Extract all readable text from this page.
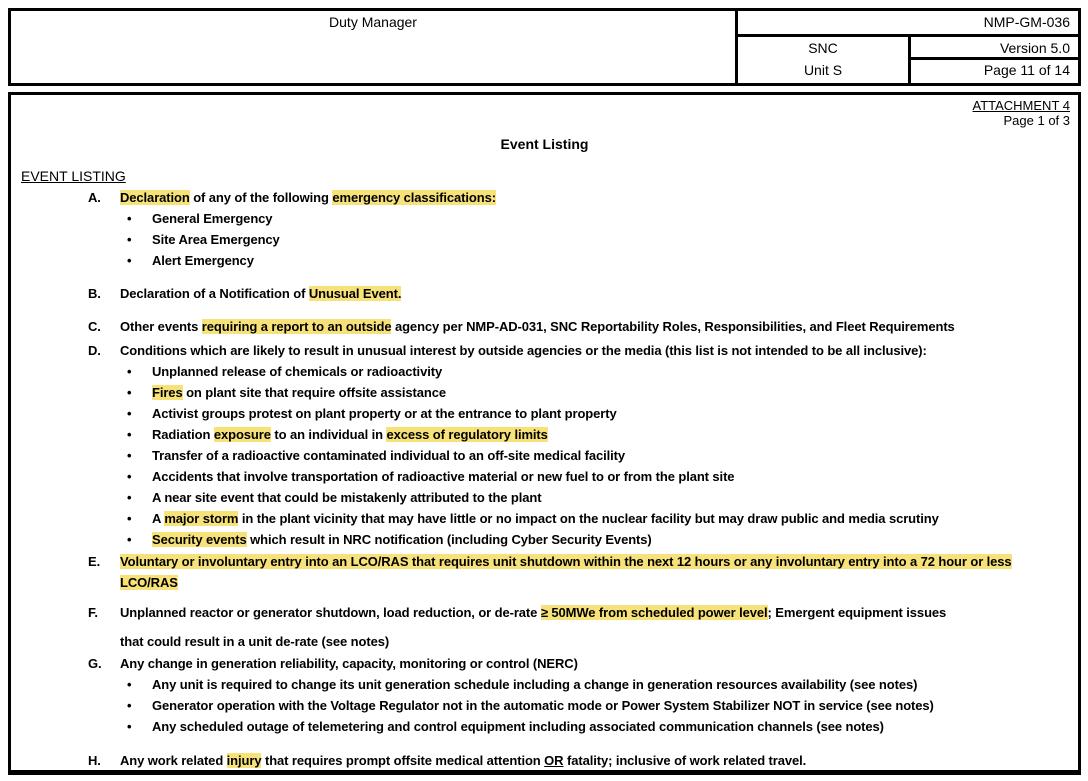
Duty Manager	NMP-GM-036
SNC	Version 5.0
Unit S	Page 11 of 14
ATTACHMENT 4
Page 1 of 3
Event Listing
EVENT LISTING
A. Declaration of any of the following emergency classifications:
• General Emergency
• Site Area Emergency
• Alert Emergency
B. Declaration of a Notification of Unusual Event.
C. Other events requiring a report to an outside agency per NMP-AD-031, SNC Reportability Roles, Responsibilities, and Fleet Requirements
D. Conditions which are likely to result in unusual interest by outside agencies or the media (this list is not intended to be all inclusive):
• Unplanned release of chemicals or radioactivity
• Fires on plant site that require offsite assistance
• Activist groups protest on plant property or at the entrance to plant property
• Radiation exposure to an individual in excess of regulatory limits
• Transfer of a radioactive contaminated individual to an off-site medical facility
• Accidents that involve transportation of radioactive material or new fuel to or from the plant site
• A near site event that could be mistakenly attributed to the plant
• A major storm in the plant vicinity that may have little or no impact on the nuclear facility but may draw public and media scrutiny
• Security events which result in NRC notification (including Cyber Security Events)
E. Voluntary or involuntary entry into an LCO/RAS that requires unit shutdown within the next 12 hours or any involuntary entry into a 72 hour or less LCO/RAS
F. Unplanned reactor or generator shutdown, load reduction, or de-rate ≥ 50MWe from scheduled power level; Emergent equipment issues
that could result in a unit de-rate (see notes)
G. Any change in generation reliability, capacity, monitoring or control (NERC)
• Any unit is required to change its unit generation schedule including a change in generation resources availability (see notes)
• Generator operation with the Voltage Regulator not in the automatic mode or Power System Stabilizer NOT in service (see notes)
• Any scheduled outage of telemetering and control equipment including associated communication channels (see notes)
H. Any work related injury that requires prompt offsite medical attention OR fatality; inclusive of work related travel.
